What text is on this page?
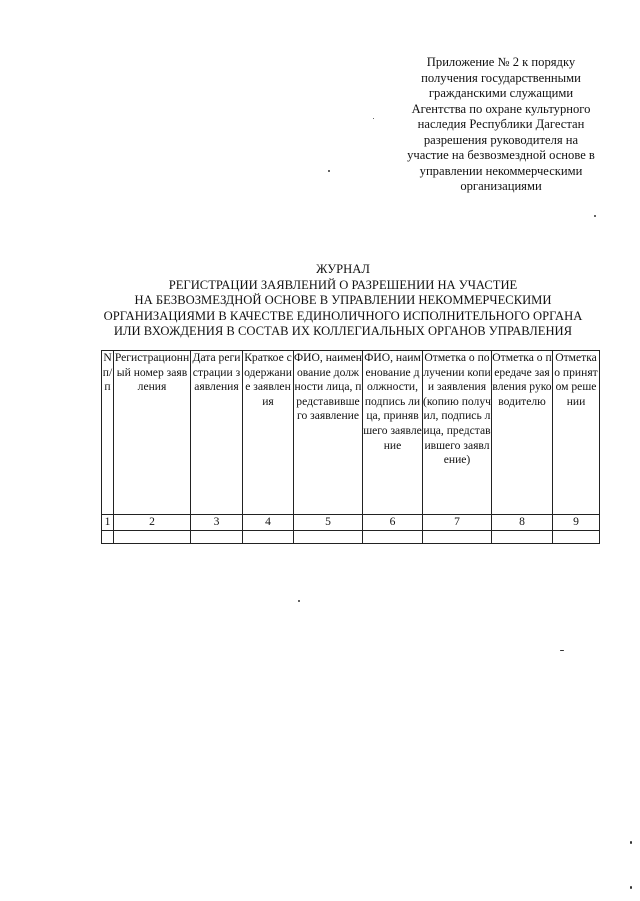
Приложение № 2 к порядку
получения государственными
гражданскими служащими
Агентства по охране культурного
наследия Республики Дагестан
разрешения руководителя на
участие на безвозмездной основе в
управлении некоммерческими
организациями
ЖУРНАЛ
РЕГИСТРАЦИИ ЗАЯВЛЕНИЙ О РАЗРЕШЕНИИ НА УЧАСТИЕ
НА БЕЗВОЗМЕЗДНОЙ ОСНОВЕ В УПРАВЛЕНИИ НЕКОММЕРЧЕСКИМИ
ОРГАНИЗАЦИЯМИ В КАЧЕСТВЕ ЕДИНОЛИЧНОГО ИСПОЛНИТЕЛЬНОГО ОРГАНА
ИЛИ ВХОЖДЕНИЯ В СОСТАВ ИХ КОЛЛЕГИАЛЬНЫХ ОРГАНОВ УПРАВЛЕНИЯ
N п/п	Регистрационный номер заявления	Дата регистрации заявления	Краткое содержание заявления	ФИО, наименование должности лица, представившего заявление	ФИО, наименование должности, подпись лица, принявшего заявление	Отметка о получении копии заявления (копию получил, подпись лица, представившего заявление)	Отметка о передаче заявления руководителю	Отметка о принятом решении
1	2	3	4	5	6	7	8	9
